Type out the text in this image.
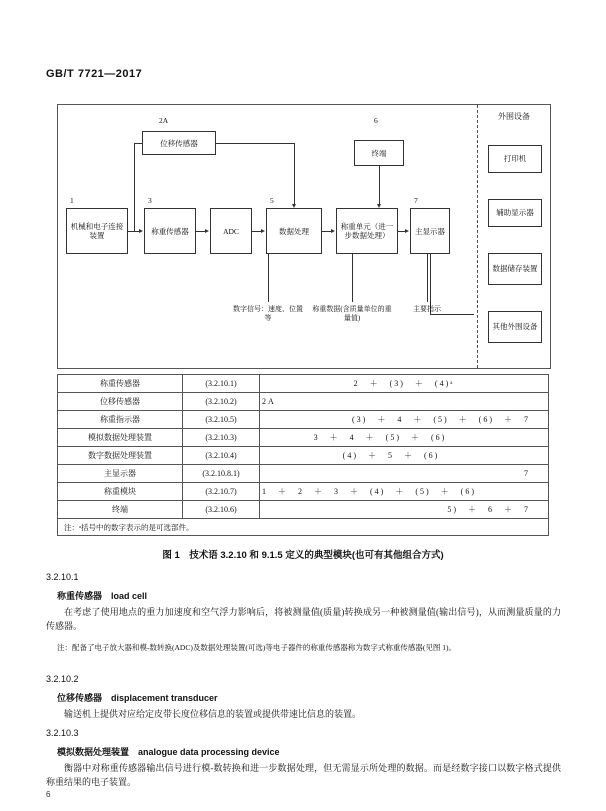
GB/T 7721—2017
外围设备
打印机
辅助显示器
数据储存装置
其他外围设备
1
机械和电子连接装置
3
称重传感器	ADC
5
数据处理	称重单元（进一步数据处理）
7
主显示器
2A
位移传感器
6
终端
数字信号：速度、位置等
称重数据(含质量单位的重量值)
主要指示
称重传感器	(3.2.10.1)	2　＋　(3)　＋　(4)ᵃ
位移传感器	(3.2.10.2)	2A
称重指示器	(3.2.10.5)	(3)　＋　4　＋　(5)　＋　(6)　＋　7
模拟数据处理装置	(3.2.10.3)	3　＋　4　＋　(5)　＋　(6)
数字数据处理装置	(3.2.10.4)	(4)　＋　5　＋　(6)
主显示器	(3.2.10.8.1)	7
称重模块	(3.2.10.7)	1　＋　2　＋　3　＋　(4)　＋　(5)　＋　(6)
终端	(3.2.10.6)	5)　＋　6　＋　7
注：ᵃ括号中的数字表示的是可选部件。		
图 1　技术语 3.2.10 和 9.1.5 定义的典型模块(也可有其他组合方式)
3.2.10.1
称重传感器　load cell
在考虑了使用地点的重力加速度和空气浮力影响后，将被测量值(质量)转换成另一种被测量值(输出信号)，从而测量质量的力传感器。
注：配备了电子放大器和模-数转换(ADC)及数据处理装置(可选)等电子器件的称重传感器称为数字式称重传感器(见图 1)。
3.2.10.2
位移传感器　displacement transducer
输送机上提供对应给定皮带长度位移信息的装置或提供带速比信息的装置。
3.2.10.3
模拟数据处理装置　analogue data processing device
衡器中对称重传感器输出信号进行模-数转换和进一步数据处理，但无需显示所处理的数据。而是经数字接口以数字格式提供称重结果的电子装置。
6
